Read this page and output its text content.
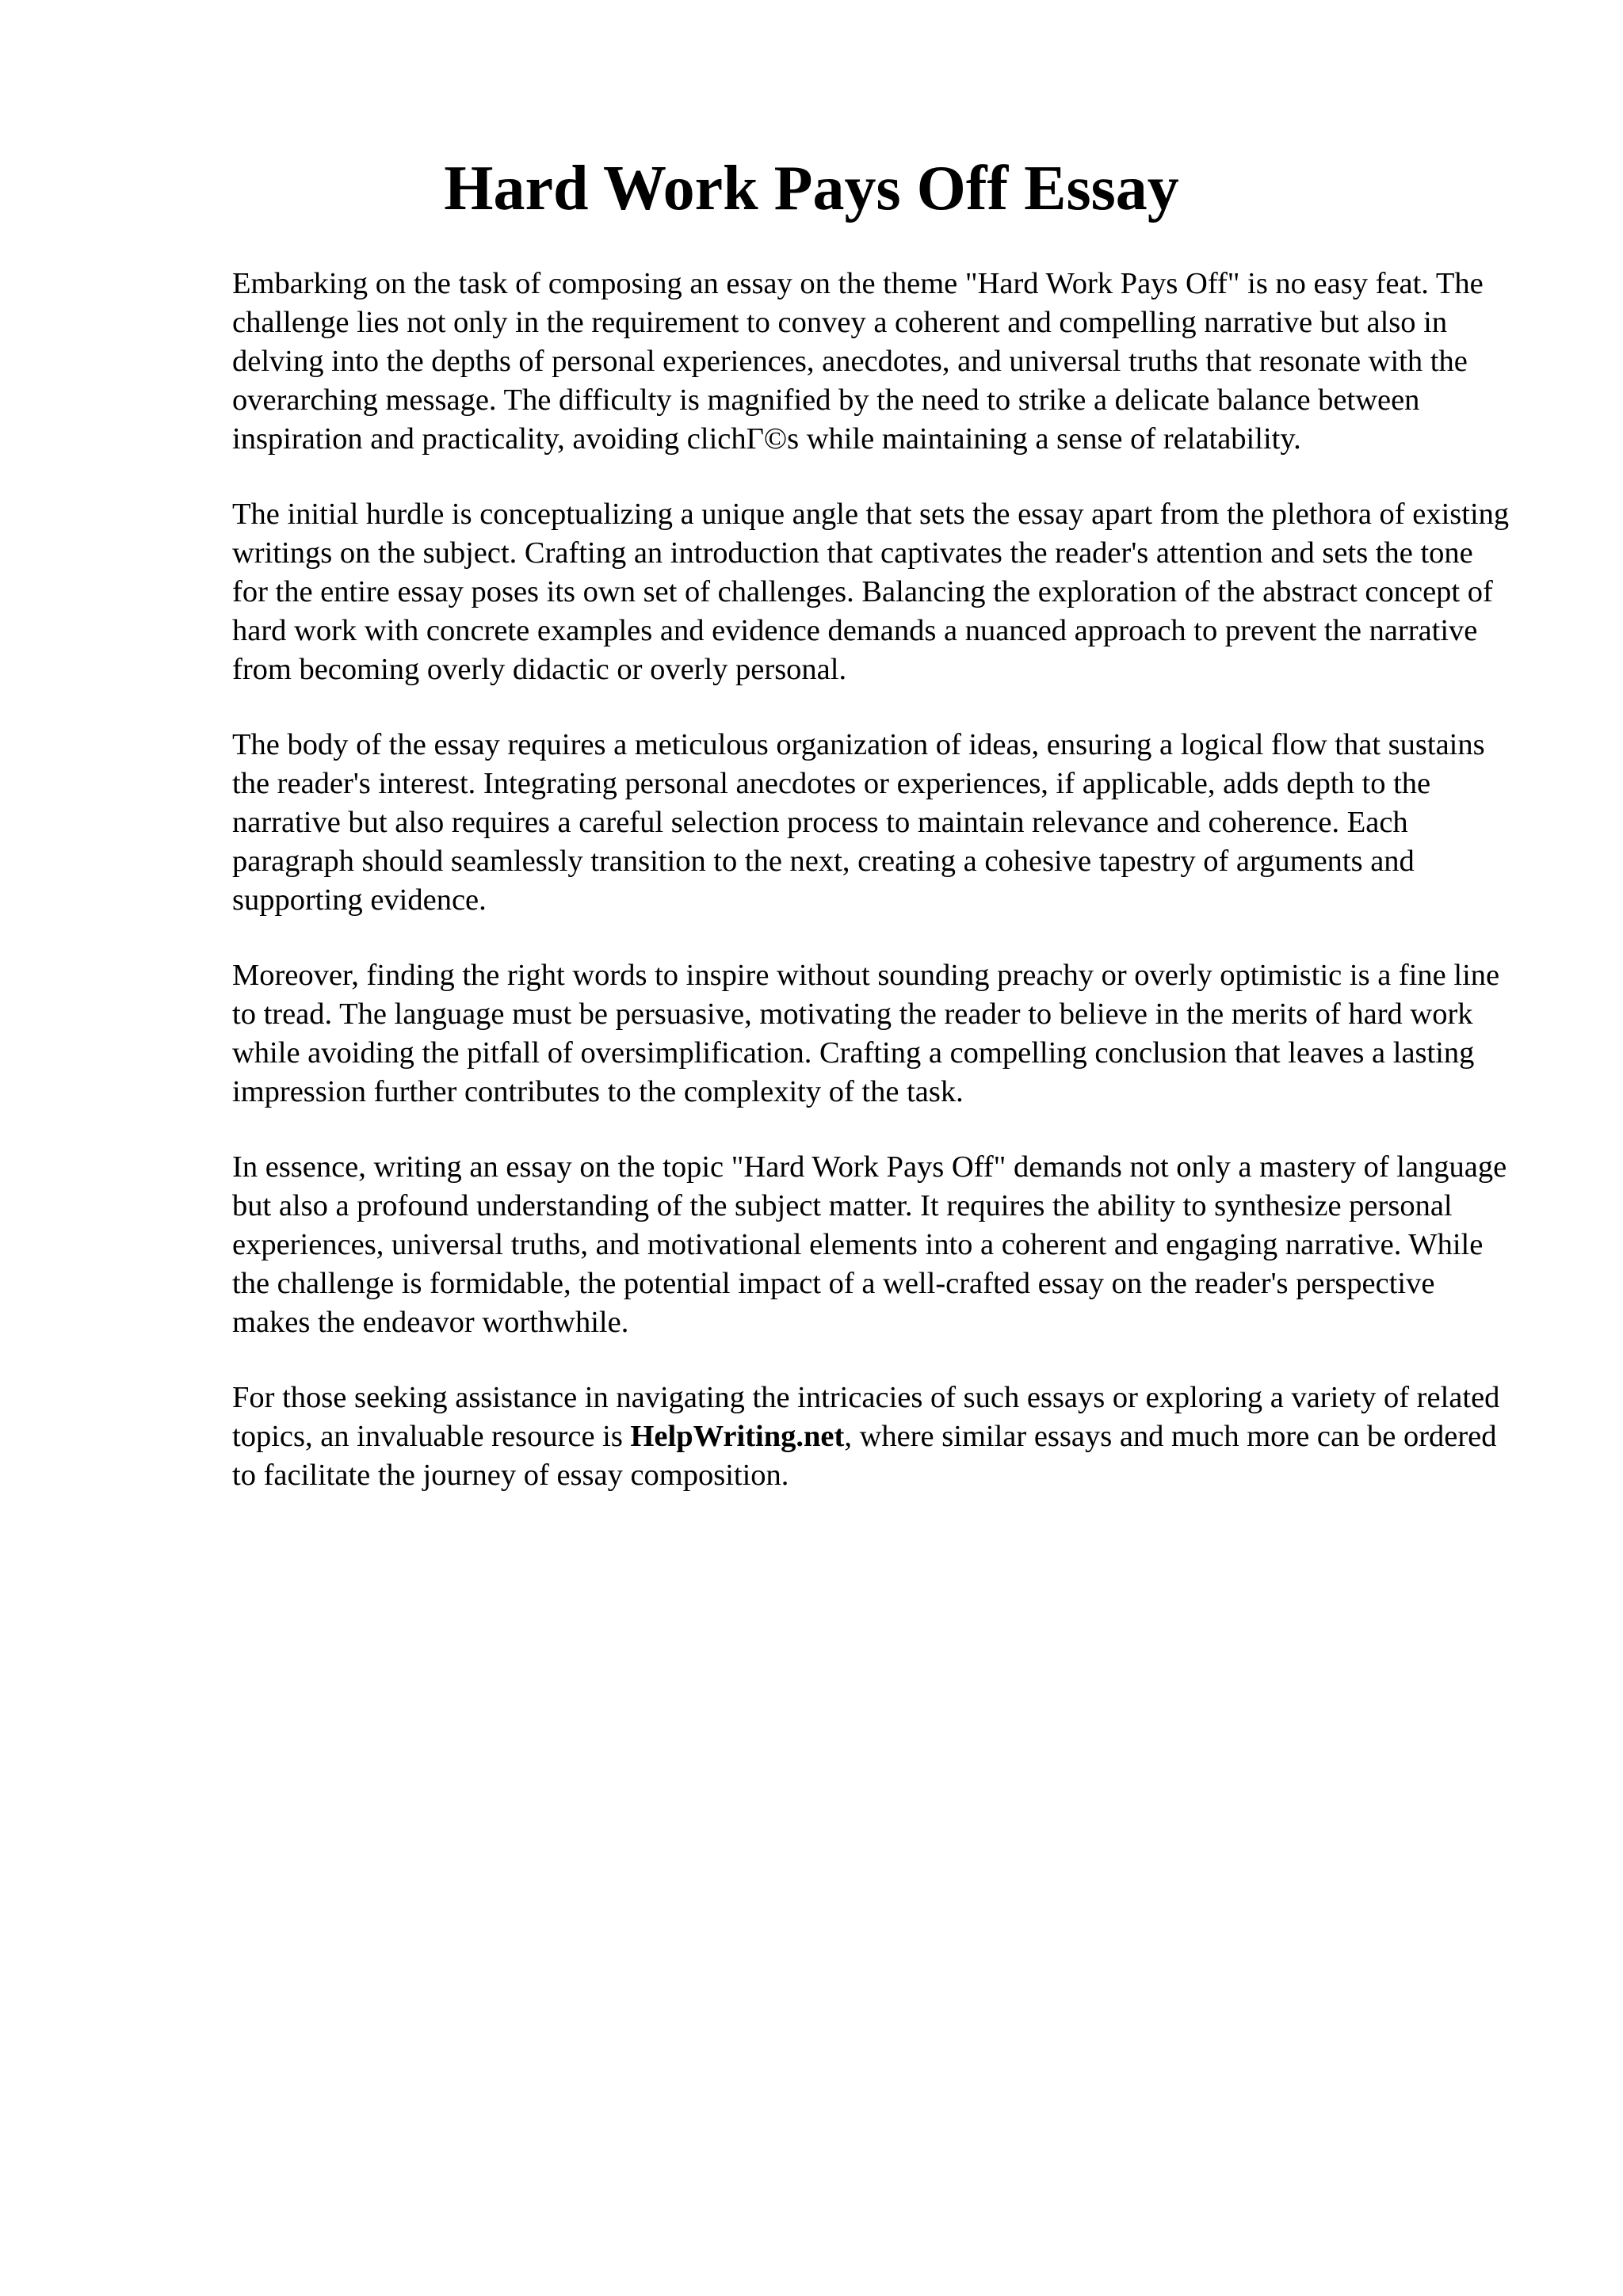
Hard Work Pays Off Essay

Embarking on the task of composing an essay on the theme "Hard Work Pays Off" is no easy feat. The challenge lies not only in the requirement to convey a coherent and compelling narrative but also in delving into the depths of personal experiences, anecdotes, and universal truths that resonate with the overarching message. The difficulty is magnified by the need to strike a delicate balance between inspiration and practicality, avoiding clichΓ©s while maintaining a sense of relatability.

The initial hurdle is conceptualizing a unique angle that sets the essay apart from the plethora of existing writings on the subject. Crafting an introduction that captivates the reader's attention and sets the tone for the entire essay poses its own set of challenges. Balancing the exploration of the abstract concept of hard work with concrete examples and evidence demands a nuanced approach to prevent the narrative from becoming overly didactic or overly personal.

The body of the essay requires a meticulous organization of ideas, ensuring a logical flow that sustains the reader's interest. Integrating personal anecdotes or experiences, if applicable, adds depth to the narrative but also requires a careful selection process to maintain relevance and coherence. Each paragraph should seamlessly transition to the next, creating a cohesive tapestry of arguments and supporting evidence.

Moreover, finding the right words to inspire without sounding preachy or overly optimistic is a fine line to tread. The language must be persuasive, motivating the reader to believe in the merits of hard work while avoiding the pitfall of oversimplification. Crafting a compelling conclusion that leaves a lasting impression further contributes to the complexity of the task.

In essence, writing an essay on the topic "Hard Work Pays Off" demands not only a mastery of language but also a profound understanding of the subject matter. It requires the ability to synthesize personal experiences, universal truths, and motivational elements into a coherent and engaging narrative. While the challenge is formidable, the potential impact of a well-crafted essay on the reader's perspective makes the endeavor worthwhile.

For those seeking assistance in navigating the intricacies of such essays or exploring a variety of related topics, an invaluable resource is HelpWriting.net, where similar essays and much more can be ordered to facilitate the journey of essay composition.
